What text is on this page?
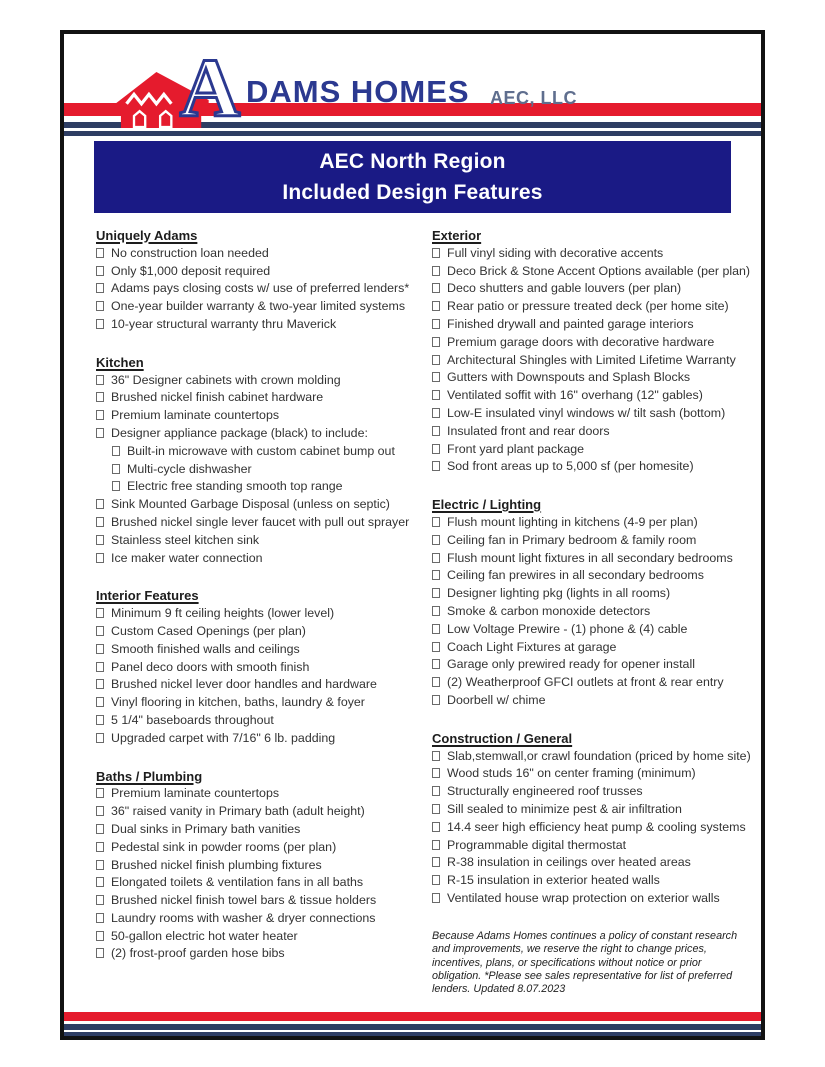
A DAMS HOMES AEC, LLC
AEC North Region
Included Design Features
Uniquely Adams
No construction loan needed
Only $1,000 deposit required
Adams pays closing costs w/ use of preferred lenders*
One-year builder warranty & two-year limited systems
10-year structural warranty thru Maverick
Kitchen
36" Designer cabinets with crown molding
Brushed nickel finish cabinet hardware
Premium laminate countertops
Designer appliance package (black) to include:
Built-in microwave with custom cabinet bump out
Multi-cycle dishwasher
Electric free standing smooth top range
Sink Mounted Garbage Disposal (unless on septic)
Brushed nickel single lever faucet with pull out sprayer
Stainless steel kitchen sink
Ice maker water connection
Interior Features
Minimum 9 ft ceiling heights (lower level)
Custom Cased Openings (per plan)
Smooth finished walls and ceilings
Panel deco doors with smooth finish
Brushed nickel lever door handles and hardware
Vinyl flooring in kitchen, baths, laundry & foyer
5 1/4" baseboards throughout
Upgraded carpet with 7/16" 6 lb. padding
Baths / Plumbing
Premium laminate countertops
36" raised vanity in Primary bath (adult height)
Dual sinks in Primary bath vanities
Pedestal sink in powder rooms (per plan)
Brushed nickel finish plumbing fixtures
Elongated toilets & ventilation fans in all baths
Brushed nickel finish towel bars & tissue holders
Laundry rooms with washer & dryer connections
50-gallon electric hot water heater
(2) frost-proof garden hose bibs
Exterior
Full vinyl siding with decorative accents
Deco Brick & Stone Accent Options available (per plan)
Deco shutters and gable louvers (per plan)
Rear patio or pressure treated deck (per home site)
Finished drywall and painted garage interiors
Premium garage doors with decorative hardware
Architectural Shingles with Limited Lifetime Warranty
Gutters with Downspouts and Splash Blocks
Ventilated soffit with 16" overhang (12" gables)
Low-E insulated vinyl windows w/ tilt sash (bottom)
Insulated front and rear doors
Front yard plant package
Sod front areas up to 5,000 sf (per homesite)
Electric / Lighting
Flush mount lighting in kitchens (4-9 per plan)
Ceiling fan in Primary bedroom & family room
Flush mount light fixtures in all secondary bedrooms
Ceiling fan prewires in all secondary bedrooms
Designer lighting pkg (lights in all rooms)
Smoke & carbon monoxide detectors
Low Voltage Prewire - (1) phone & (4) cable
Coach Light Fixtures at garage
Garage only prewired ready for opener install
(2) Weatherproof GFCI outlets at front & rear entry
Doorbell w/ chime
Construction / General
Slab,stemwall,or crawl foundation (priced by home site)
Wood studs 16" on center framing (minimum)
Structurally engineered roof trusses
Sill sealed to minimize pest & air infiltration
14.4 seer high efficiency heat pump & cooling systems
Programmable digital thermostat
R-38 insulation in ceilings over heated areas
R-15 insulation in exterior heated walls
Ventilated house wrap protection on exterior walls

Because Adams Homes continues a policy of constant research and improvements, we reserve the right to change prices, incentives, plans, or specifications without notice or prior obligation. *Please see sales representative for list of preferred lenders. Updated 8.07.2023
